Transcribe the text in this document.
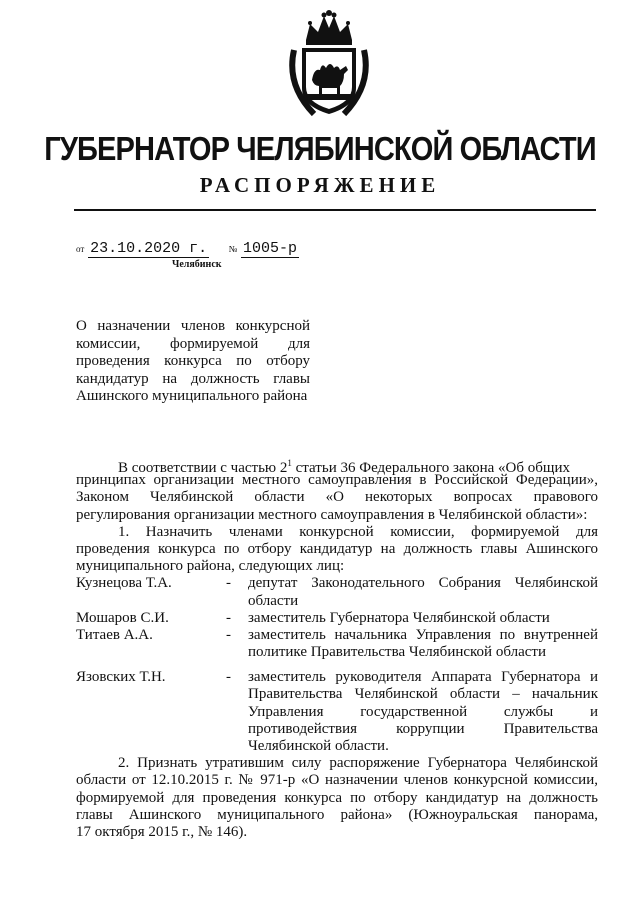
ГУБЕРНАТОР ЧЕЛЯБИНСКОЙ ОБЛАСТИ
РАСПОРЯЖЕНИЕ
от 23.10.2020 г. № 1005-р
Челябинск
О назначении членов конкурсной
комиссии, формируемой для
проведения конкурса по отбору
кандидатур на должность главы
Ашинского муниципального района
В соответствии с частью $2^1$ статьи 36 Федерального закона «Об общих
принципах организации местного самоуправления в Российской Федерации»,
Законом Челябинской области «О некоторых вопросах правового
регулирования организации местного самоуправления в Челябинской области»:
1. Назначить членами конкурсной комиссии, формируемой для
проведения конкурса по отбору кандидатур на должность главы Ашинского
муниципального района, следующих лиц:
Кузнецова Т.А.	- депутат Законодательного Собрания Челябинской
области
Мошаров С.И.	- заместитель Губернатора Челябинской области
Титаев А.А.	- заместитель начальника Управления по внутренней
политике Правительства Челябинской области
Язовских Т.Н.	- заместитель руководителя Аппарата Губернатора и
Правительства Челябинской области – начальник
Управления государственной службы и
противодействия коррупции Правительства
Челябинской области.
2. Признать утратившим силу распоряжение Губернатора Челябинской
области от 12.10.2015 г. № 971-р «О назначении членов конкурсной комиссии,
формируемой для проведения конкурса по отбору кандидатур на должность
главы Ашинского муниципального района» (Южноуральская панорама,
17 октября 2015 г., № 146).
